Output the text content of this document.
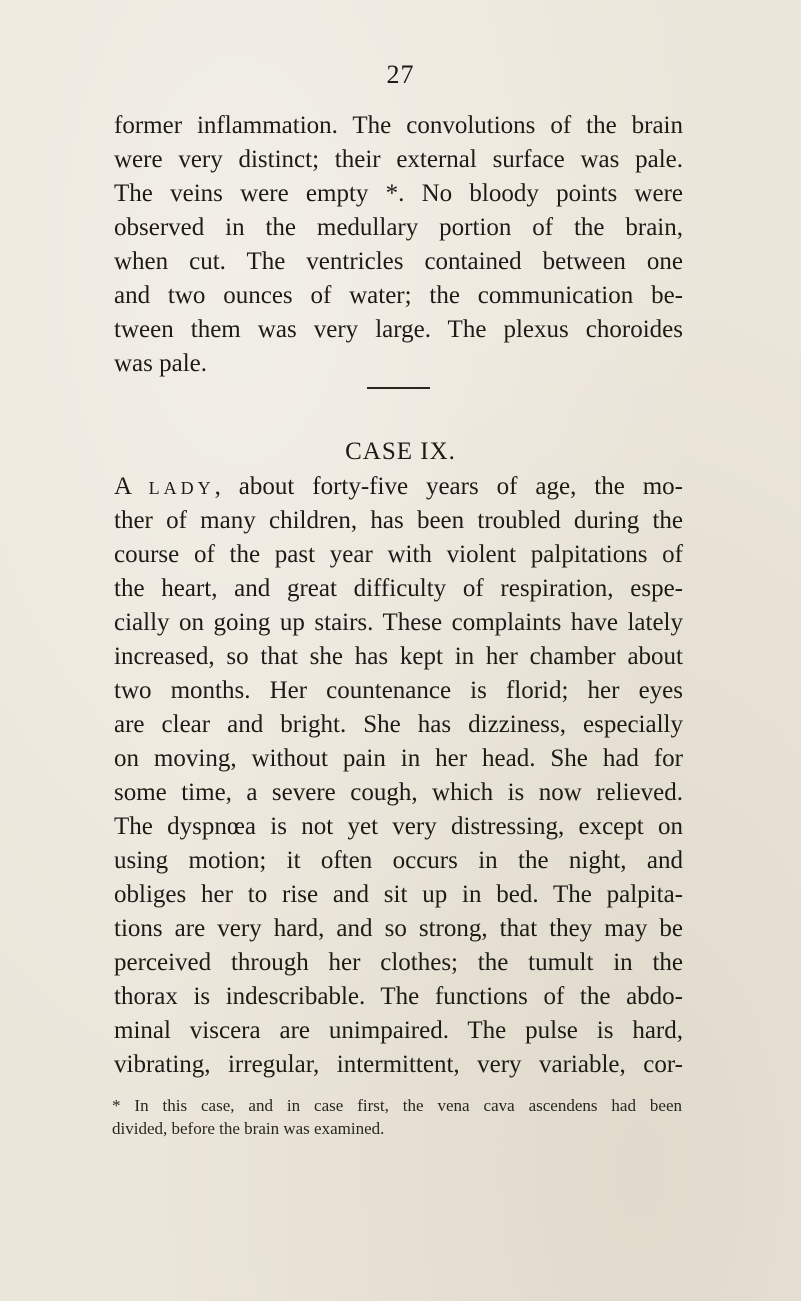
27
former inflammation. The convolutions of the brain
were very distinct; their external surface was pale.
The veins were empty *. No bloody points were
observed in the medullary portion of the brain,
when cut. The ventricles contained between one
and two ounces of water; the communication be-
tween them was very large. The plexus choroides
was pale.
CASE IX.
A lady, about forty-five years of age, the mo-
ther of many children, has been troubled during the
course of the past year with violent palpitations of
the heart, and great difficulty of respiration, espe-
cially on going up stairs. These complaints have lately
increased, so that she has kept in her chamber about
two months. Her countenance is florid; her eyes
are clear and bright. She has dizziness, especially
on moving, without pain in her head. She had for
some time, a severe cough, which is now relieved.
The dyspnœa is not yet very distressing, except on
using motion; it often occurs in the night, and
obliges her to rise and sit up in bed. The palpita-
tions are very hard, and so strong, that they may be
perceived through her clothes; the tumult in the
thorax is indescribable. The functions of the abdo-
minal viscera are unimpaired. The pulse is hard,
vibrating, irregular, intermittent, very variable, cor-
* In this case, and in case first, the vena cava ascendens had been
divided, before the brain was examined.
